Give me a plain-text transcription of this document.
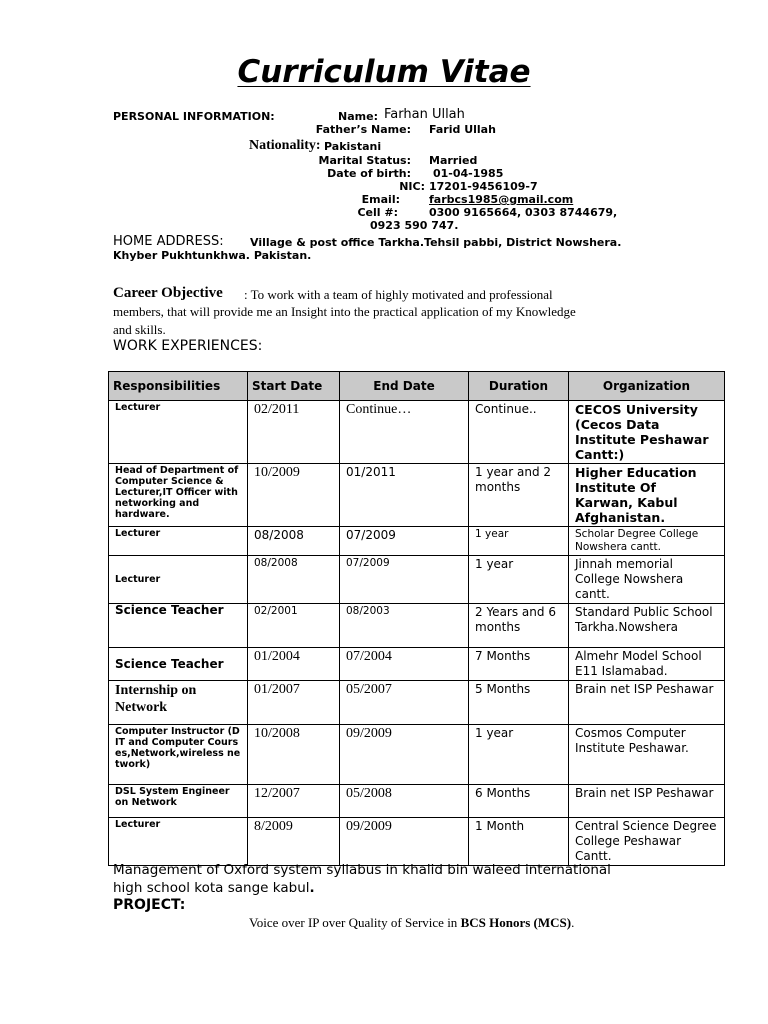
Curriculum Vitae
PERSONAL INFORMATION:	Name: Farhan Ullah
Father’s Name: Farid Ullah
Nationality: Pakistani
Marital Status: Married
Date of birth: 01-04-1985
NIC: 17201-9456109-7
Email:	farbcs1985@gmail.com
Cell #:	0300 9165664, 0303 8744679,
0923 590 747.
HOME ADDRESS: Village & post office Tarkha.Tehsil pabbi, District Nowshera.
Khyber Pukhtunkhwa. Pakistan.
Career Objective : To work with a team of highly motivated and professional
members, that will provide me an Insight into the practical application of my Knowledge
and skills.
WORK EXPERIENCES:
Responsibilities	Start Date	End Date	Duration	Organization
Lecturer	02/2011	Continue…	Continue..	CECOS University (Cecos Data Institute Peshawar Cantt:)
Head of Department of Computer Science & Lecturer,IT Officer with networking and hardware.	10/2009	01/2011	1 year and 2 months	Higher Education Institute Of Karwan, Kabul Afghanistan.
Lecturer	08/2008	07/2009	1 year	Scholar Degree College Nowshera cantt.
Lecturer	08/2008	07/2009	1 year	Jinnah memorial College Nowshera cantt.
Science Teacher	02/2001	08/2003	2 Years and 6 months	Standard Public School Tarkha.Nowshera
Science Teacher	01/2004	07/2004	7 Months	Almehr Model School E11 Islamabad.
Internship on Network	01/2007	05/2007	5 Months	Brain net ISP Peshawar
Computer Instructor (DIT and Computer Courses,Network,wireless network)	10/2008	09/2009	1 year	Cosmos Computer Institute Peshawar.
DSL System Engineer on Network	12/2007	05/2008	6 Months	Brain net ISP Peshawar
Lecturer	8/2009	09/2009	1 Month	Central Science Degree College Peshawar Cantt.
Management of Oxford system syllabus in khalid bin waleed international
high school kota sange kabul.
PROJECT:
Voice over IP over Quality of Service in BCS Honors (MCS).
